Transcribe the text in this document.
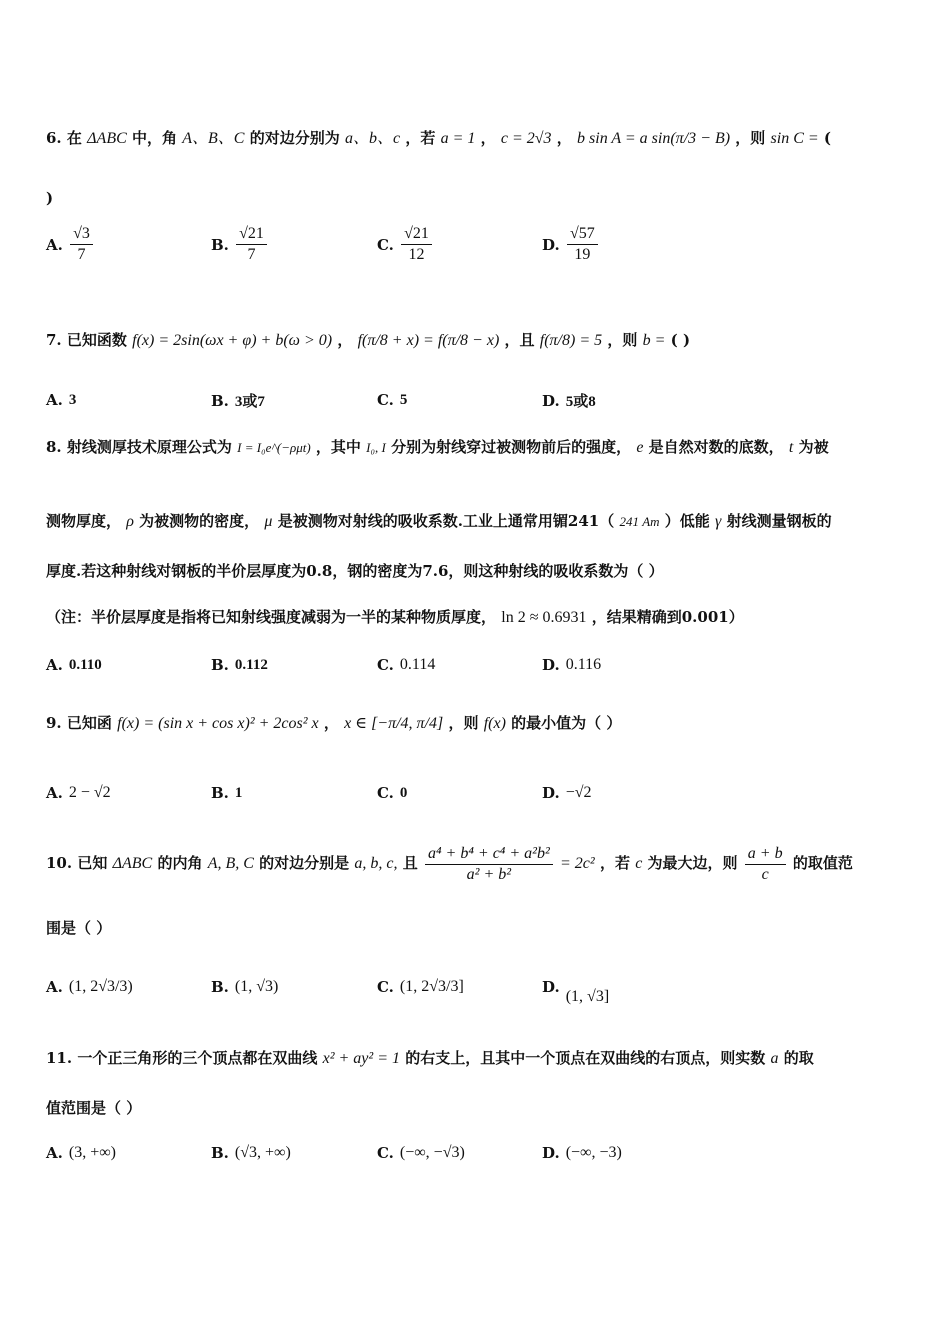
6. 在 ΔABC 中，角 A、B、C 的对边分别为 a、b、c ，若 a = 1 ， c = 2√3 ， b sin A = a sin(π/3 − B) ，则 sin C = (
)
A. $\frac{√3}{7}$	B. $\frac{√21}{7}$	C. $\frac{√21}{12}$	D. $\frac{√57}{19}$
7. 已知函数 f(x) = 2sin(ωx + φ) + b(ω > 0) ， f(π/8 + x) = f(π/8 − x) ，且 f(π/8) = 5 ，则 b = ( )
A. 3	B. 3或7	C. 5	D. 5或8
8. 射线测厚技术原理公式为 I = I₀e^(−ρμt) ，其中 I₀, I 分别为射线穿过被测物前后的强度， e 是自然对数的底数， t 为被
测物厚度， ρ 为被测物的密度， μ 是被测物对射线的吸收系数.工业上通常用镅241（ 241 Am ）低能 γ 射线测量钢板的
厚度.若这种射线对钢板的半价层厚度为0.8，钢的密度为7.6，则这种射线的吸收系数为（ ）
（注：半价层厚度是指将已知射线强度减弱为一半的某种物质厚度， ln 2 ≈ 0.6931 ，结果精确到0.001）
A. 0.110	B. 0.112	C. 0.114	D. 0.116
9. 已知函 f(x) = (sin x + cos x)² + 2cos² x ， x ∈ [−π/4, π/4] ，则 f(x) 的最小值为（ ）
A. 2 − √2	B. 1	C. 0	D. −√2
10. 已知 ΔABC 的内角 A, B, C 的对边分别是 a, b, c, 且 $\frac{\text{a⁴ + b⁴ + c⁴ + a²b²}}{\text{a² + b²}} = 2c^2$ ，若 c 为最大边，则 $\frac{a + b}{c}$ 的取值范
围是（ ）
A. (1, 2√3/3)	B. (1, √3)	C. (1, 2√3/3]	D.(1, √3]
11. 一个正三角形的三个顶点都在双曲线 x² + ay² = 1 的右支上，且其中一个顶点在双曲线的右顶点，则实数 a 的取
值范围是（ ）
A. (3, +∞)	B. (√3, +∞)	C. (−∞, −√3)	D. (−∞, −3)
